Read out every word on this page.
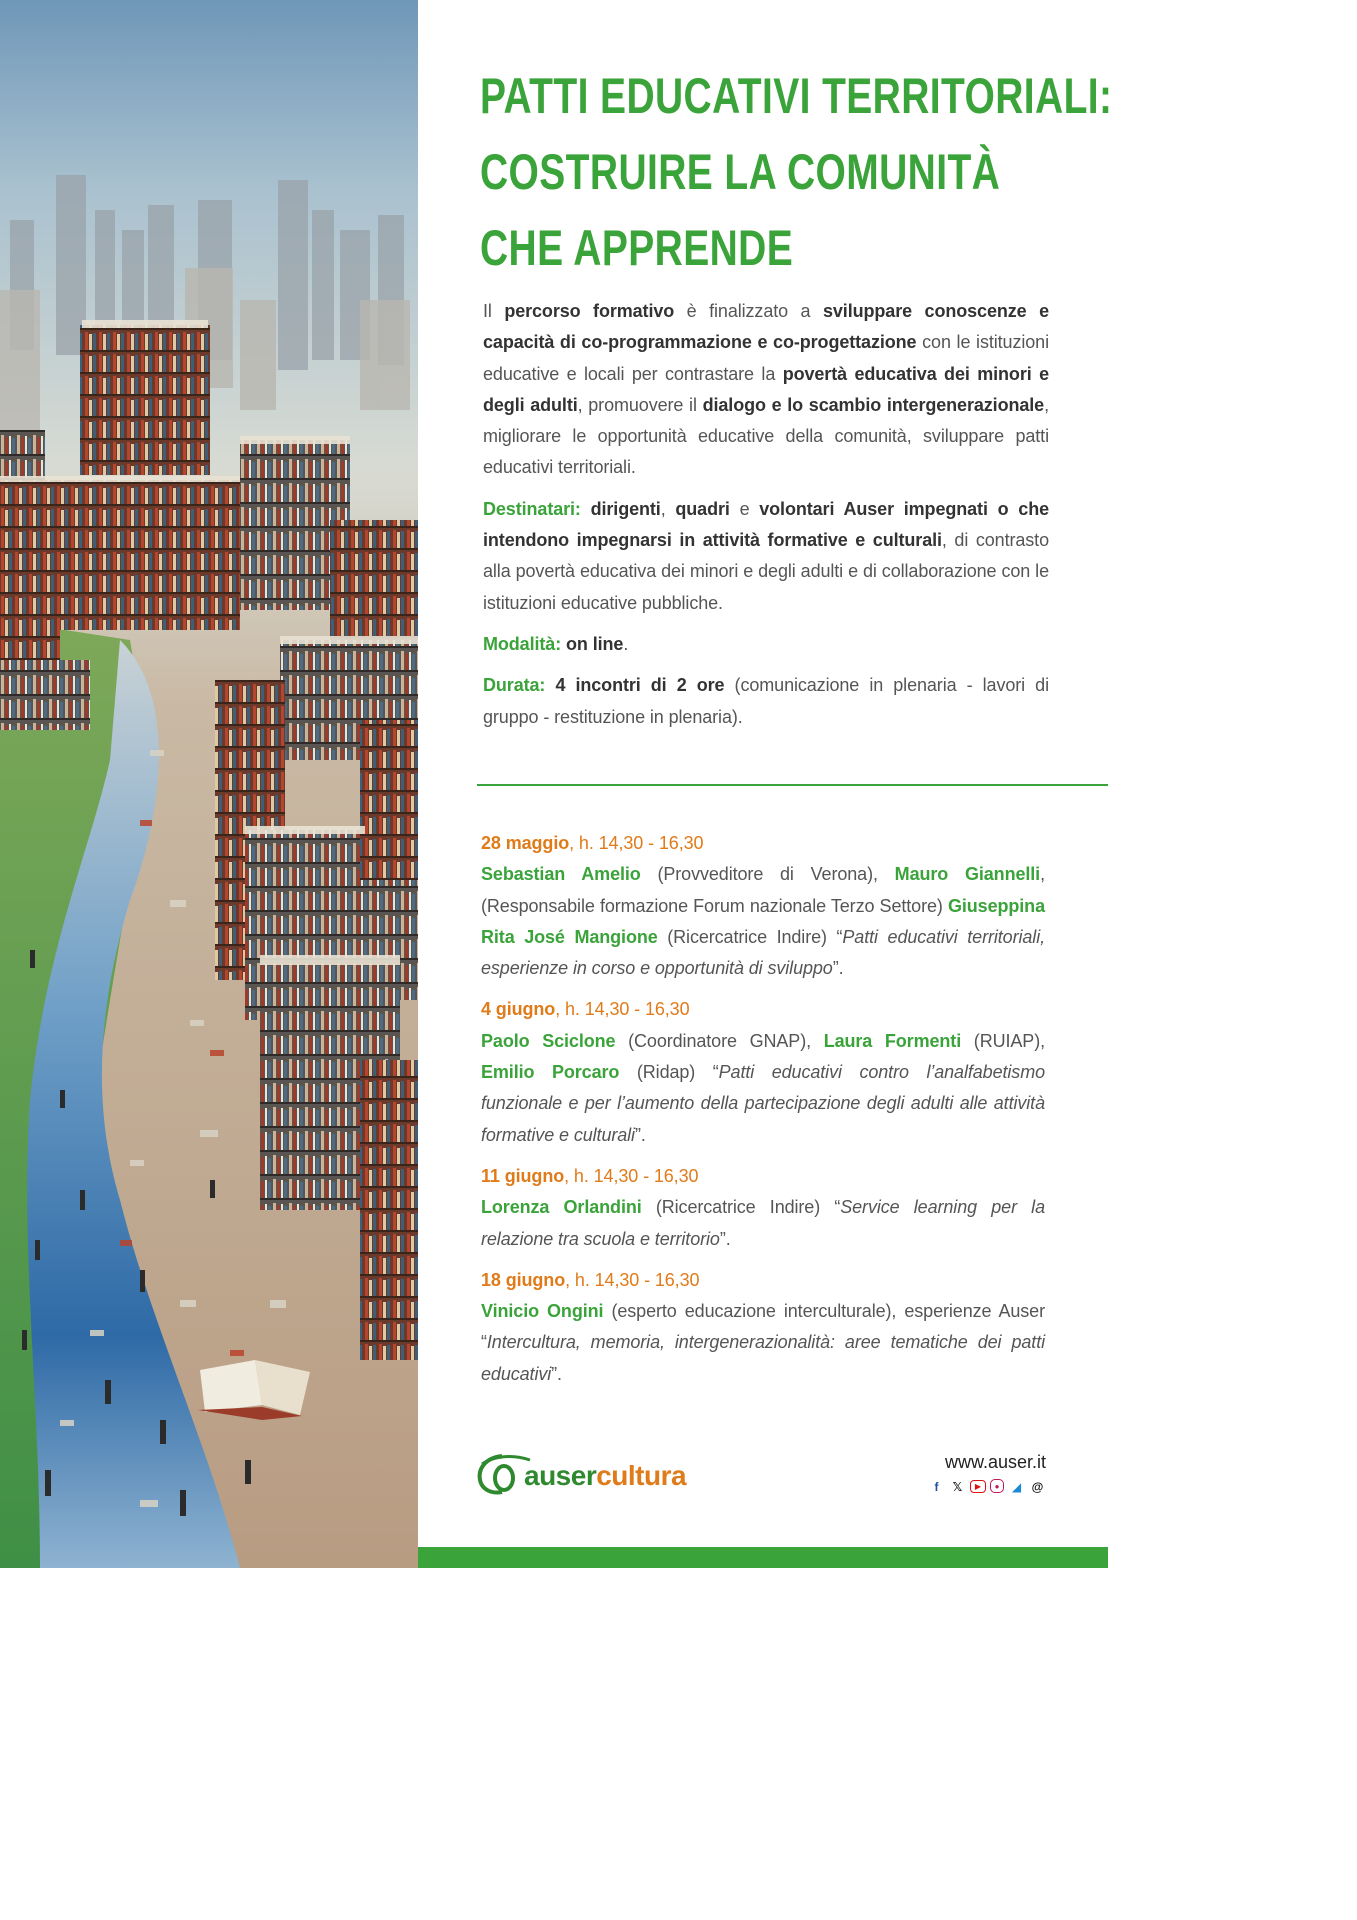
PATTI EDUCATIVI TERRITORIALI:
COSTRUIRE LA COMUNITÀ
CHE APPRENDE

Il percorso formativo è finalizzato a sviluppare conoscenze e capacità di co-programmazione e co-progettazione con le istituzioni educative e locali per contrastare la povertà educativa dei minori e degli adulti, promuovere il dialogo e lo scambio intergenerazionale, migliorare le opportunità educative della comunità, sviluppare patti educativi territoriali.

Destinatari: dirigenti, quadri e volontari Auser impegnati o che intendono impegnarsi in attività formative e culturali, di contrasto alla povertà educativa dei minori e degli adulti e di collaborazione con le istituzioni educative pubbliche.

Modalità: on line.

Durata: 4 incontri di 2 ore (comunicazione in plenaria - lavori di gruppo - restituzione in plenaria).

28 maggio, h. 14,30 - 16,30
Sebastian Amelio (Provveditore di Verona), Mauro Giannelli, (Responsabile formazione Forum nazionale Terzo Settore) Giuseppina Rita José Mangione (Ricercatrice Indire) “Patti educativi territoriali, esperienze in corso e opportunità di sviluppo”.
4 giugno, h. 14,30 - 16,30
Paolo Sciclone (Coordinatore GNAP), Laura Formenti (RUIAP), Emilio Porcaro (Ridap) “Patti educativi contro l’analfabetismo funzionale e per l’aumento della partecipazione degli adulti alle attività formative e culturali”.
11 giugno, h. 14,30 - 16,30
Lorenza Orlandini (Ricercatrice Indire) “Service learning per la relazione tra scuola e territorio”.
18 giugno, h. 14,30 - 16,30
Vinicio Ongini (esperto educazione interculturale), esperienze Auser “Intercultura, memoria, intergenerazionalità: aree tematiche dei patti educativi”.
ausercultura	www.auser.it
f	𝕏	▶	●	◢ @
